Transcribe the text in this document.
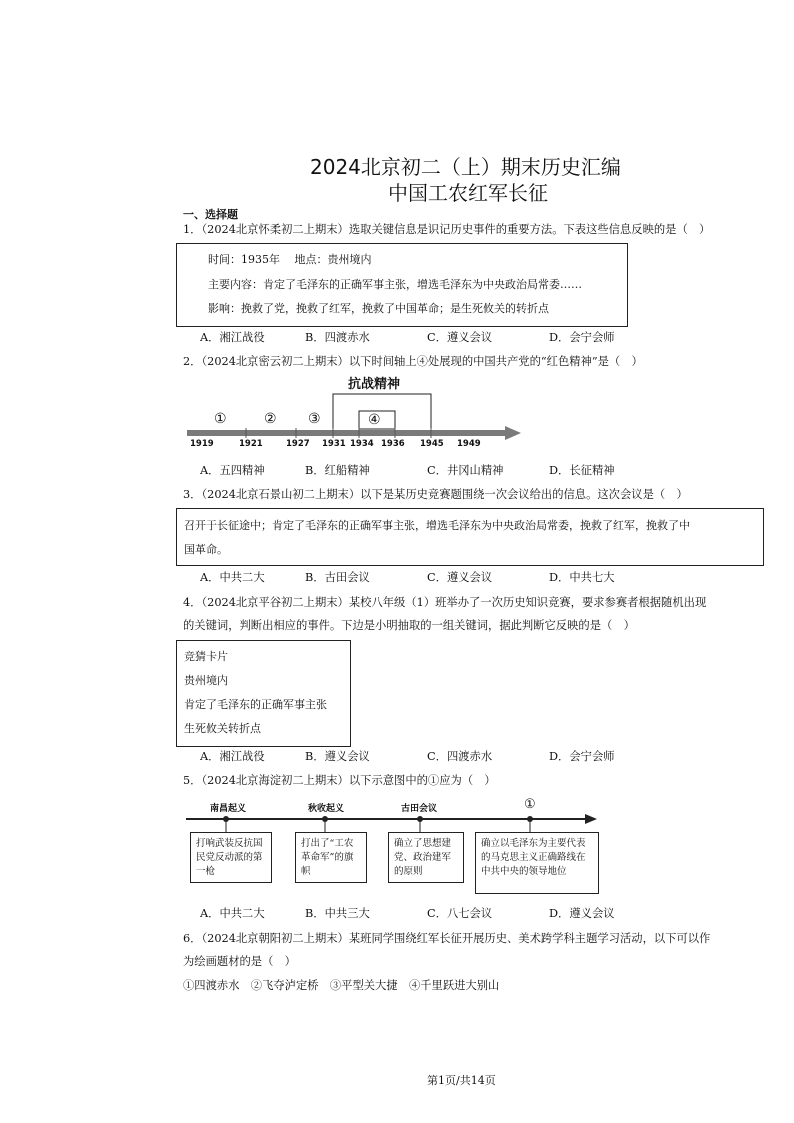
2024北京初二（上）期末历史汇编
中国工农红军长征
一、选择题
1．（2024北京怀柔初二上期末）选取关键信息是识记历史事件的重要方法。下表这些信息反映的是（　）
时间：1935年　 地点：贵州境内
主要内容：肯定了毛泽东的正确军事主张，增选毛泽东为中央政治局常委……
影响：挽救了党，挽救了红军，挽救了中国革命；是生死攸关的转折点
A．湘江战役	B．四渡赤水	C．遵义会议	D．会宁会师
2．（2024北京密云初二上期末）以下时间轴上④处展现的中国共产党的“红色精神”是（　）
抗战精神
①	② ③	④
1919	1921	1927 1931 1934 1936 1945 1949
A．五四精神	B．红船精神	C．井冈山精神	D．长征精神
3．（2024北京石景山初二上期末）以下是某历史竞赛题围绕一次会议给出的信息。这次会议是（　）
召开于长征途中；肯定了毛泽东的正确军事主张，增选毛泽东为中央政治局常委，挽救了红军，挽救了中
国革命。
A．中共二大	B．古田会议	C．遵义会议	D．中共七大
4．（2024北京平谷初二上期末）某校八年级（1）班举办了一次历史知识竞赛，要求参赛者根据随机出现
的关键词，判断出相应的事件。下边是小明抽取的一组关键词，据此判断它反映的是（　）
竞猜卡片
贵州境内
肯定了毛泽东的正确军事主张
生死攸关转折点
A．湘江战役	B．遵义会议	C．四渡赤水	D．会宁会师
5．（2024北京海淀初二上期末）以下示意图中的①应为（　）
南昌起义	秋收起义	古田会议	①
打响武装反抗国民党反动派的第一枪
打出了“工农革命军”的旗帜
确立了思想建党、政治建军的原则
确立以毛泽东为主要代表的马克思主义正确路线在中共中央的领导地位
A．中共二大	B．中共三大	C．八七会议	D．遵义会议
6．（2024北京朝阳初二上期末）某班同学围绕红军长征开展历史、美术跨学科主题学习活动，以下可以作
为绘画题材的是（　）
①四渡赤水　②飞夺泸定桥　③平型关大捷　④千里跃进大别山
第1页/共14页
